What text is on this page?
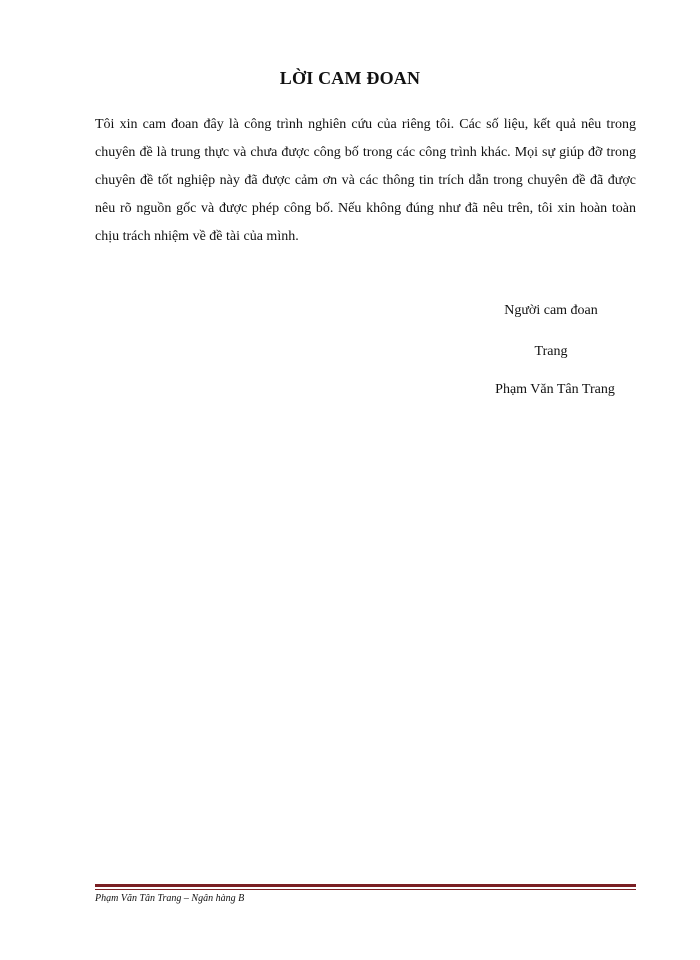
LỜI CAM ĐOAN

Tôi xin cam đoan đây là công trình nghiên cứu của riêng tôi. Các số liệu, kết quả nêu trong chuyên đề là trung thực và chưa được công bố trong các công trình khác. Mọi sự giúp đỡ trong chuyên đề tốt nghiệp này đã được cảm ơn và các thông tin trích dẫn trong chuyên đề đã được nêu rõ nguồn gốc và được phép công bố. Nếu không đúng như đã nêu trên, tôi xin hoàn toàn chịu trách nhiệm về đề tài của mình.

Người cam đoan
Trang
Phạm Văn Tân Trang
Phạm Văn Tân Trang – Ngân hàng B
